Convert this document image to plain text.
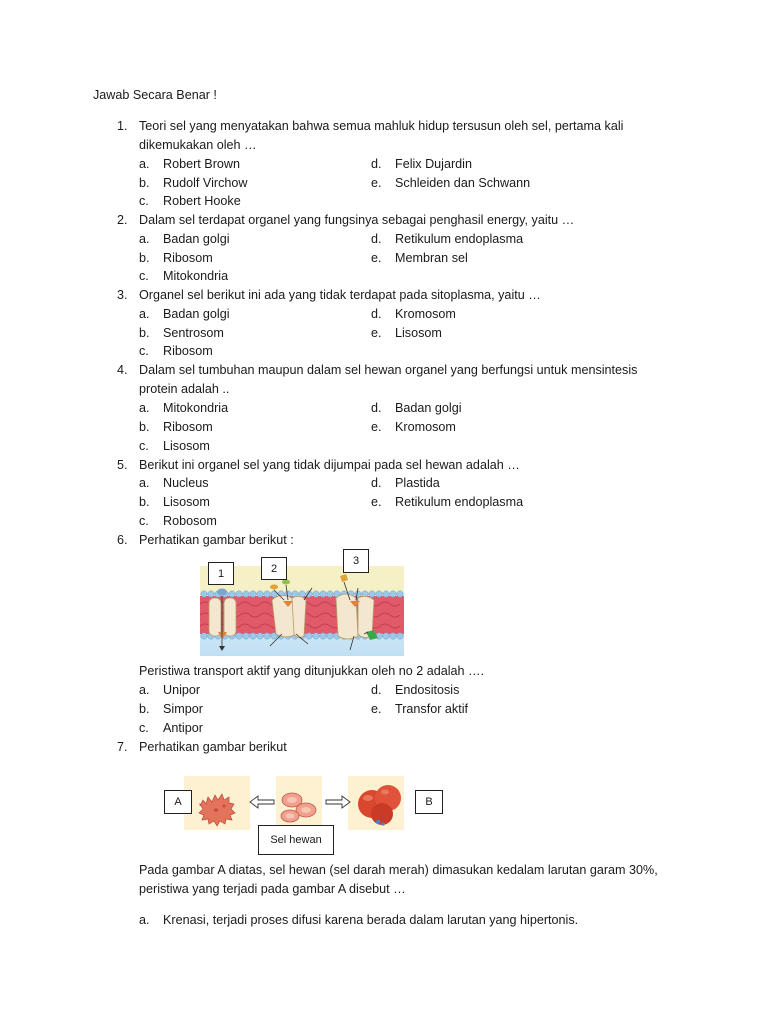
Jawab Secara Benar !
1. Teori sel yang menyatakan bahwa semua mahluk hidup tersusun oleh sel, pertama kali
dikemukakan oleh …
a. Robert Brown
b. Rudolf Virchow
c. Robert Hooke
d. Felix Dujardin
e. Schleiden dan Schwann
2. Dalam sel terdapat organel yang fungsinya sebagai penghasil energy, yaitu …
a. Badan golgi
b. Ribosom
c. Mitokondria
d. Retikulum endoplasma
e. Membran sel
3. Organel sel berikut ini ada yang tidak terdapat pada sitoplasma, yaitu …
a. Badan golgi
b. Sentrosom
c. Ribosom
d. Kromosom
e. Lisosom
4. Dalam sel tumbuhan maupun dalam sel hewan organel yang berfungsi untuk mensintesis
protein adalah ..
a. Mitokondria
b. Ribosom
c. Lisosom
d. Badan golgi
e. Kromosom
5. Berikut ini organel sel yang tidak dijumpai pada sel hewan adalah …
a. Nucleus
b. Lisosom
c. Robosom
d. Plastida
e. Retikulum endoplasma
6. Perhatikan gambar berikut :
1	2
3
Peristiwa transport aktif yang ditunjukkan oleh no 2 adalah ….
a. Unipor
b. Simpor
c. Antipor
d. Endositosis
e. Transfor aktif
7. Perhatikan gambar berikut
A	B
Sel hewan
Pada gambar A diatas, sel hewan (sel darah merah) dimasukan kedalam larutan garam 30%,
peristiwa yang terjadi pada gambar A disebut …
a. Krenasi, terjadi proses difusi karena berada dalam larutan yang hipertonis.
